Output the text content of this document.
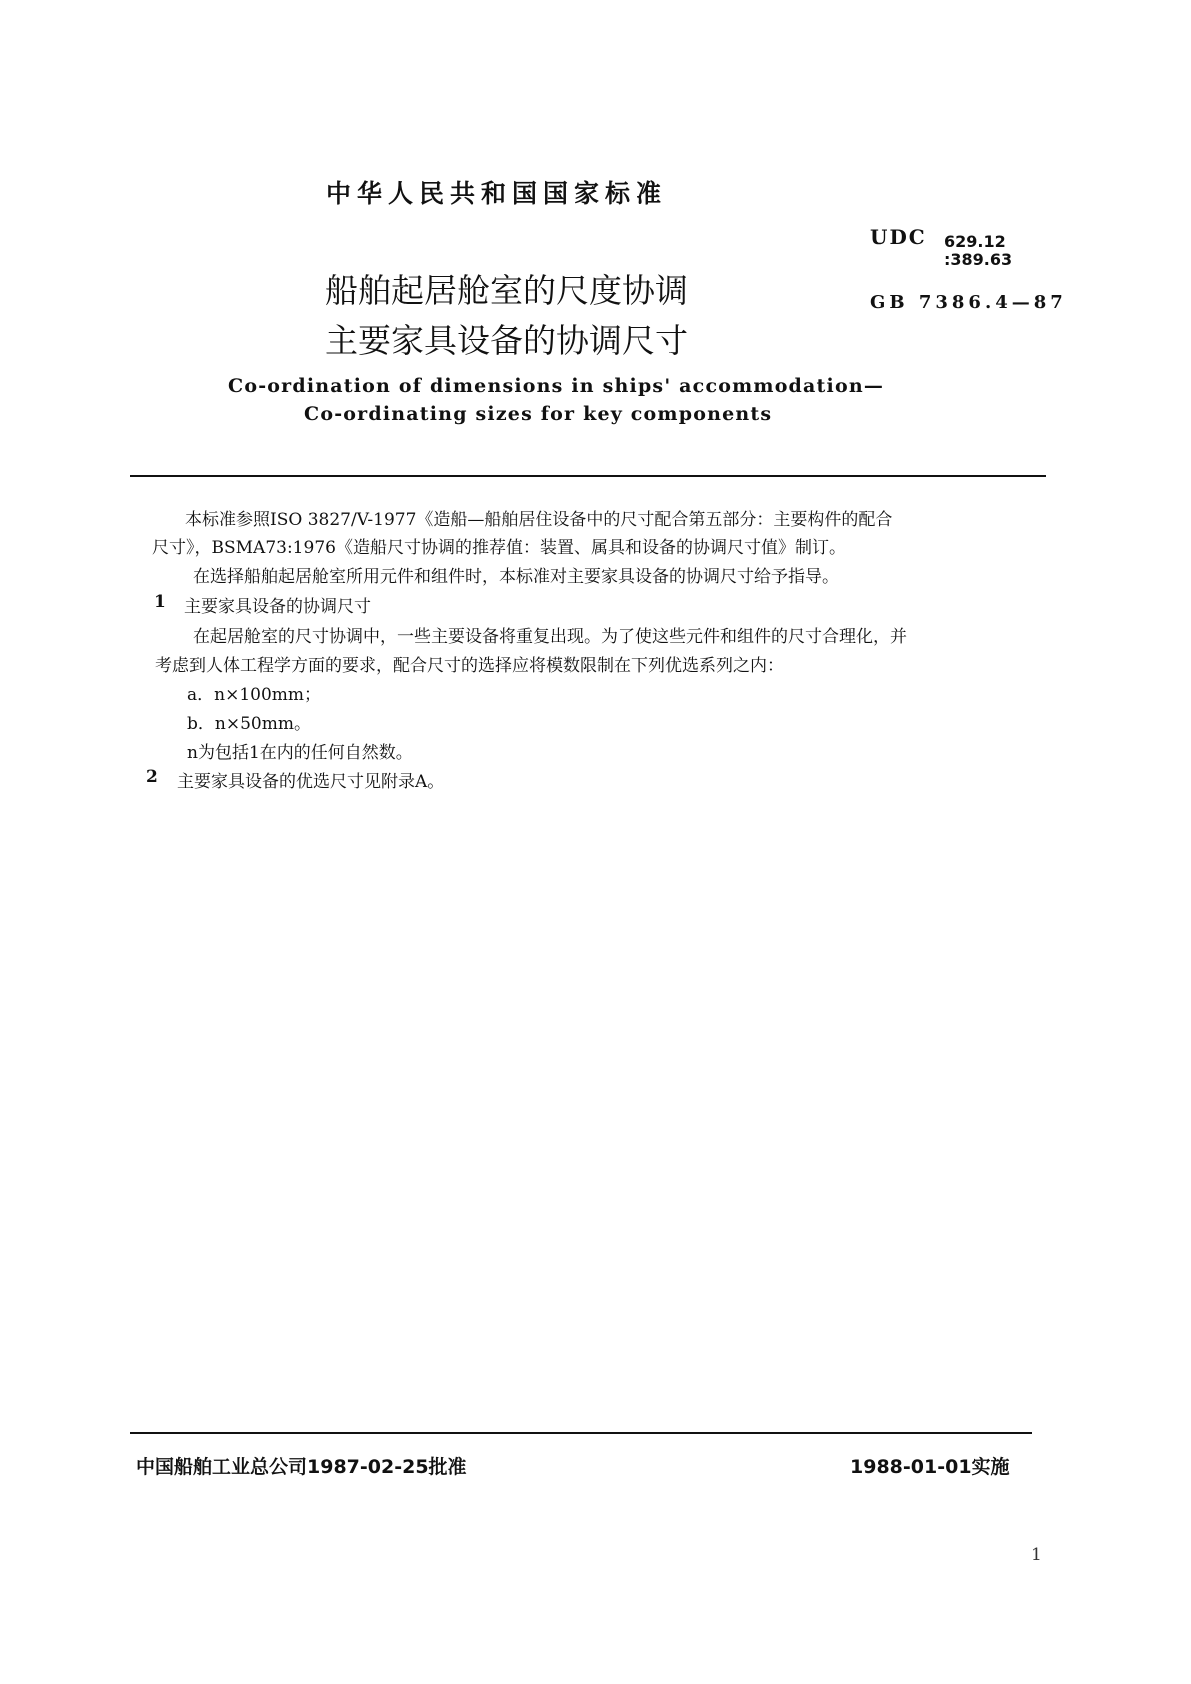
中华人民共和国国家标准

UDC 629.12

:389.63

GB 7386.4—87

船舶起居舱室的尺度协调

主要家具设备的协调尺寸

Co-ordination of dimensions in ships' accommodation—

Co-ordinating sizes for key components

本标准参照ISO 3827/V-1977《造船—船舶居住设备中的尺寸配合第五部分：主要构件的配合

尺寸》，BSMA73:1976《造船尺寸协调的推荐值：装置、属具和设备的协调尺寸值》制订。

在选择船舶起居舱室所用元件和组件时，本标准对主要家具设备的协调尺寸给予指导。

1 主要家具设备的协调尺寸

在起居舱室的尺寸协调中，一些主要设备将重复出现。为了使这些元件和组件的尺寸合理化，并

考虑到人体工程学方面的要求，配合尺寸的选择应将模数限制在下列优选系列之内：

a．n×100mm；

b．n×50mm。

n为包括1在内的任何自然数。

2 主要家具设备的优选尺寸见附录A。

中国船舶工业总公司1987-02-25批准	1988-01-01实施

1
